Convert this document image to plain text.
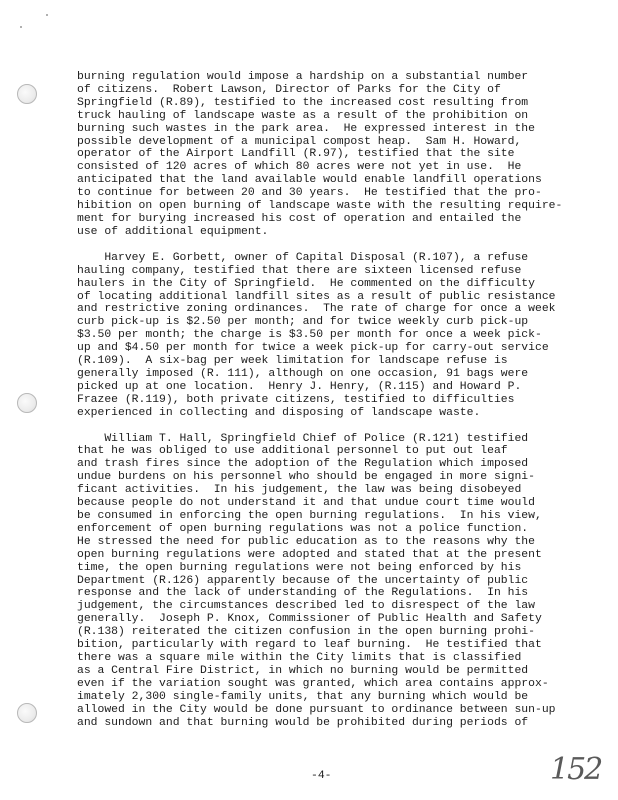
burning regulation would impose a hardship on a substantial number
of citizens.  Robert Lawson, Director of Parks for the City of
Springfield (R.89), testified to the increased cost resulting from
truck hauling of landscape waste as a result of the prohibition on
burning such wastes in the park area.  He expressed interest in the
possible development of a municipal compost heap.  Sam H. Howard,
operator of the Airport Landfill (R.97), testified that the site
consisted of 120 acres of which 80 acres were not yet in use.  He
anticipated that the land available would enable landfill operations
to continue for between 20 and 30 years.  He testified that the pro-
hibition on open burning of landscape waste with the resulting require-
ment for burying increased his cost of operation and entailed the
use of additional equipment.
Harvey E. Gorbett, owner of Capital Disposal (R.107), a refuse
hauling company, testified that there are sixteen licensed refuse
haulers in the City of Springfield.  He commented on the difficulty
of locating additional landfill sites as a result of public resistance
and restrictive zoning ordinances.  The rate of charge for once a week
curb pick-up is $2.50 per month; and for twice weekly curb pick-up
$3.50 per month; the charge is $3.50 per month for once a week pick-
up and $4.50 per month for twice a week pick-up for carry-out service
(R.109).  A six-bag per week limitation for landscape refuse is
generally imposed (R. 111), although on one occasion, 91 bags were
picked up at one location.  Henry J. Henry, (R.115) and Howard P.
Frazee (R.119), both private citizens, testified to difficulties
experienced in collecting and disposing of landscape waste.
William T. Hall, Springfield Chief of Police (R.121) testified
that he was obliged to use additional personnel to put out leaf
and trash fires since the adoption of the Regulation which imposed
undue burdens on his personnel who should be engaged in more signi-
ficant activities.  In his judgement, the law was being disobeyed
because people do not understand it and that undue court time would
be consumed in enforcing the open burning regulations.  In his view,
enforcement of open burning regulations was not a police function.
He stressed the need for public education as to the reasons why the
open burning regulations were adopted and stated that at the present
time, the open burning regulations were not being enforced by his
Department (R.126) apparently because of the uncertainty of public
response and the lack of understanding of the Regulations.  In his
judgement, the circumstances described led to disrespect of the law
generally.  Joseph P. Knox, Commissioner of Public Health and Safety
(R.138) reiterated the citizen confusion in the open burning prohi-
bition, particularly with regard to leaf burning.  He testified that
there was a square mile within the City limits that is classified
as a Central Fire District, in which no burning would be permitted
even if the variation sought was granted, which area contains approx-
imately 2,300 single-family units, that any burning which would be
allowed in the City would be done pursuant to ordinance between sun-up
and sundown and that burning would be prohibited during periods of
-4-	152
